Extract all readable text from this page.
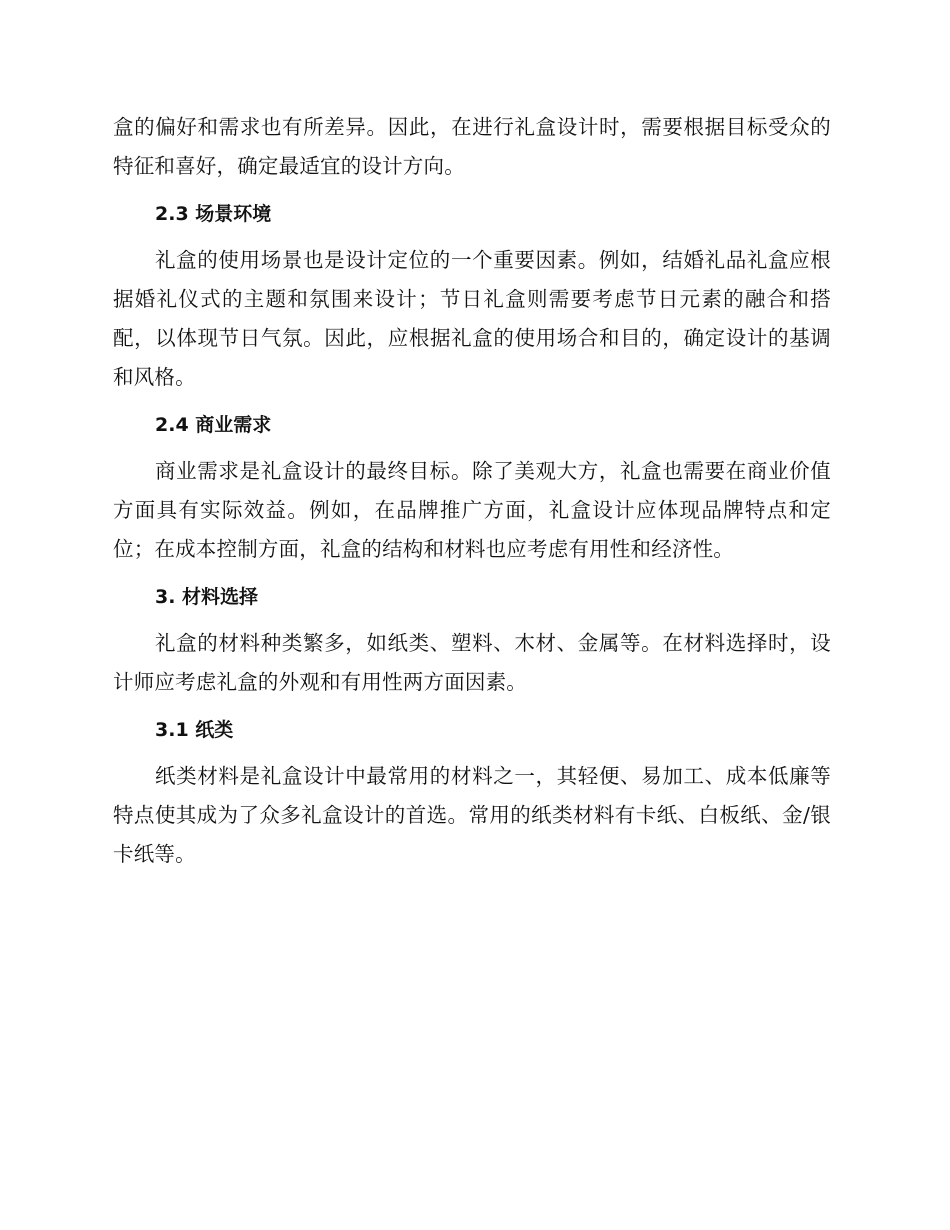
盒的偏好和需求也有所差异。因此，在进行礼盒设计时，需要根据目标受众的特征和喜好，确定最适宜的设计方向。

2.3 场景环境

礼盒的使用场景也是设计定位的一个重要因素。例如，结婚礼品礼盒应根据婚礼仪式的主题和氛围来设计；节日礼盒则需要考虑节日元素的融合和搭配，以体现节日气氛。因此，应根据礼盒的使用场合和目的，确定设计的基调和风格。

2.4 商业需求

商业需求是礼盒设计的最终目标。除了美观大方，礼盒也需要在商业价值方面具有实际效益。例如，在品牌推广方面，礼盒设计应体现品牌特点和定位；在成本控制方面，礼盒的结构和材料也应考虑有用性和经济性。

3. 材料选择

礼盒的材料种类繁多，如纸类、塑料、木材、金属等。在材料选择时，设计师应考虑礼盒的外观和有用性两方面因素。

3.1 纸类

纸类材料是礼盒设计中最常用的材料之一，其轻便、易加工、成本低廉等特点使其成为了众多礼盒设计的首选。常用的纸类材料有卡纸、白板纸、金/银卡纸等。
